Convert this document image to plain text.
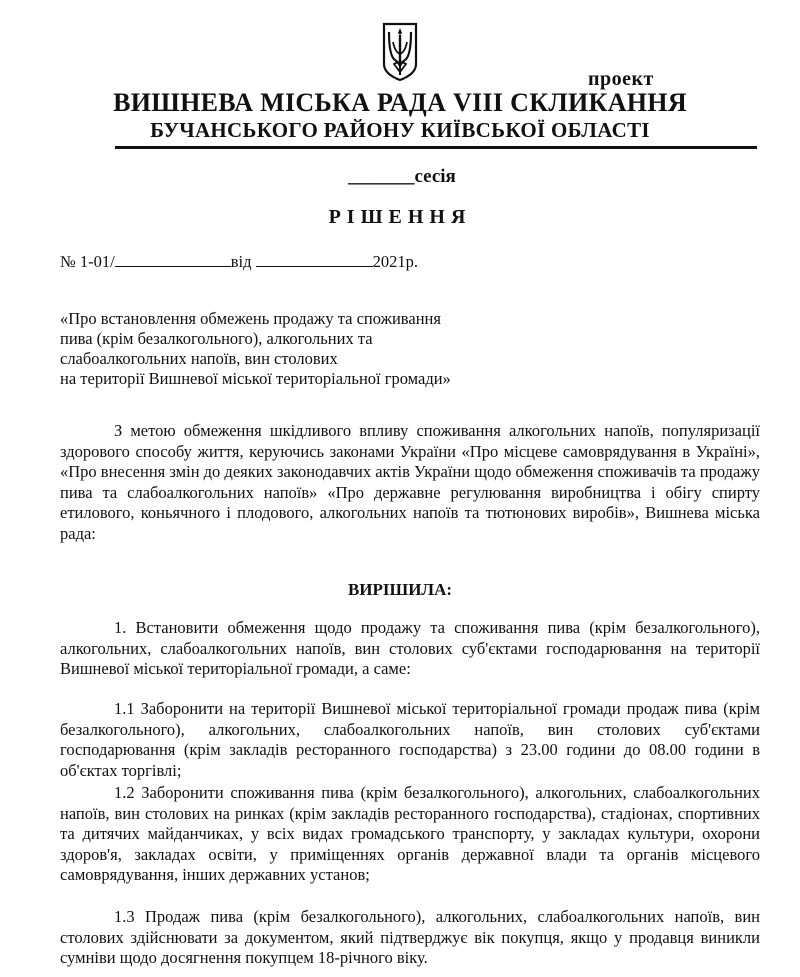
проект
ВИШНЕВА МІСЬКА РАДА VIII СКЛИКАННЯ
БУЧАНСЬКОГО РАЙОНУ КИЇВСЬКОЇ ОБЛАСТІ
_______сесія
РІШЕННЯ
№ 1-01/	від	2021р.
«Про встановлення обмежень продажу та споживання
пива (крім безалкогольного), алкогольних та
слабоалкогольних напоїв, вин столових
на території Вишневої міської територіальної громади»
З метою обмеження шкідливого впливу споживання алкогольних напоїв, популяризації здорового способу життя, керуючись законами України «Про місцеве самоврядування в Україні», «Про внесення змін до деяких законодавчих актів України щодо обмеження споживачів та продажу пива та слабоалкогольних напоїв» «Про державне регулювання виробництва і обігу спирту етилового, коньячного і плодового, алкогольних напоїв та тютюнових виробів», Вишнева міська рада:
ВИРІШИЛА:
1. Встановити обмеження щодо продажу та споживання пива (крім безалкогольного), алкогольних, слабоалкогольних напоїв, вин столових суб'єктами господарювання на території Вишневої міської територіальної громади, а саме:
1.1 Заборонити на території Вишневої міської територіальної громади продаж пива (крім безалкогольного), алкогольних, слабоалкогольних напоїв, вин столових суб'єктами господарювання (крім закладів ресторанного господарства) з 23.00 години до 08.00 години в об'єктах торгівлі;
1.2 Заборонити споживання пива (крім безалкогольного), алкогольних, слабоалкогольних напоїв, вин столових на ринках (крім закладів ресторанного господарства), стадіонах, спортивних та дитячих майданчиках, у всіх видах громадського транспорту, у закладах культури, охорони здоров'я, закладах освіти, у приміщеннях органів державної влади та органів місцевого самоврядування, інших державних установ;
1.3 Продаж пива (крім безалкогольного), алкогольних, слабоалкогольних напоїв, вин столових здійснювати за документом, який підтверджує вік покупця, якщо у продавця виникли сумніви щодо досягнення покупцем 18-річного віку.
